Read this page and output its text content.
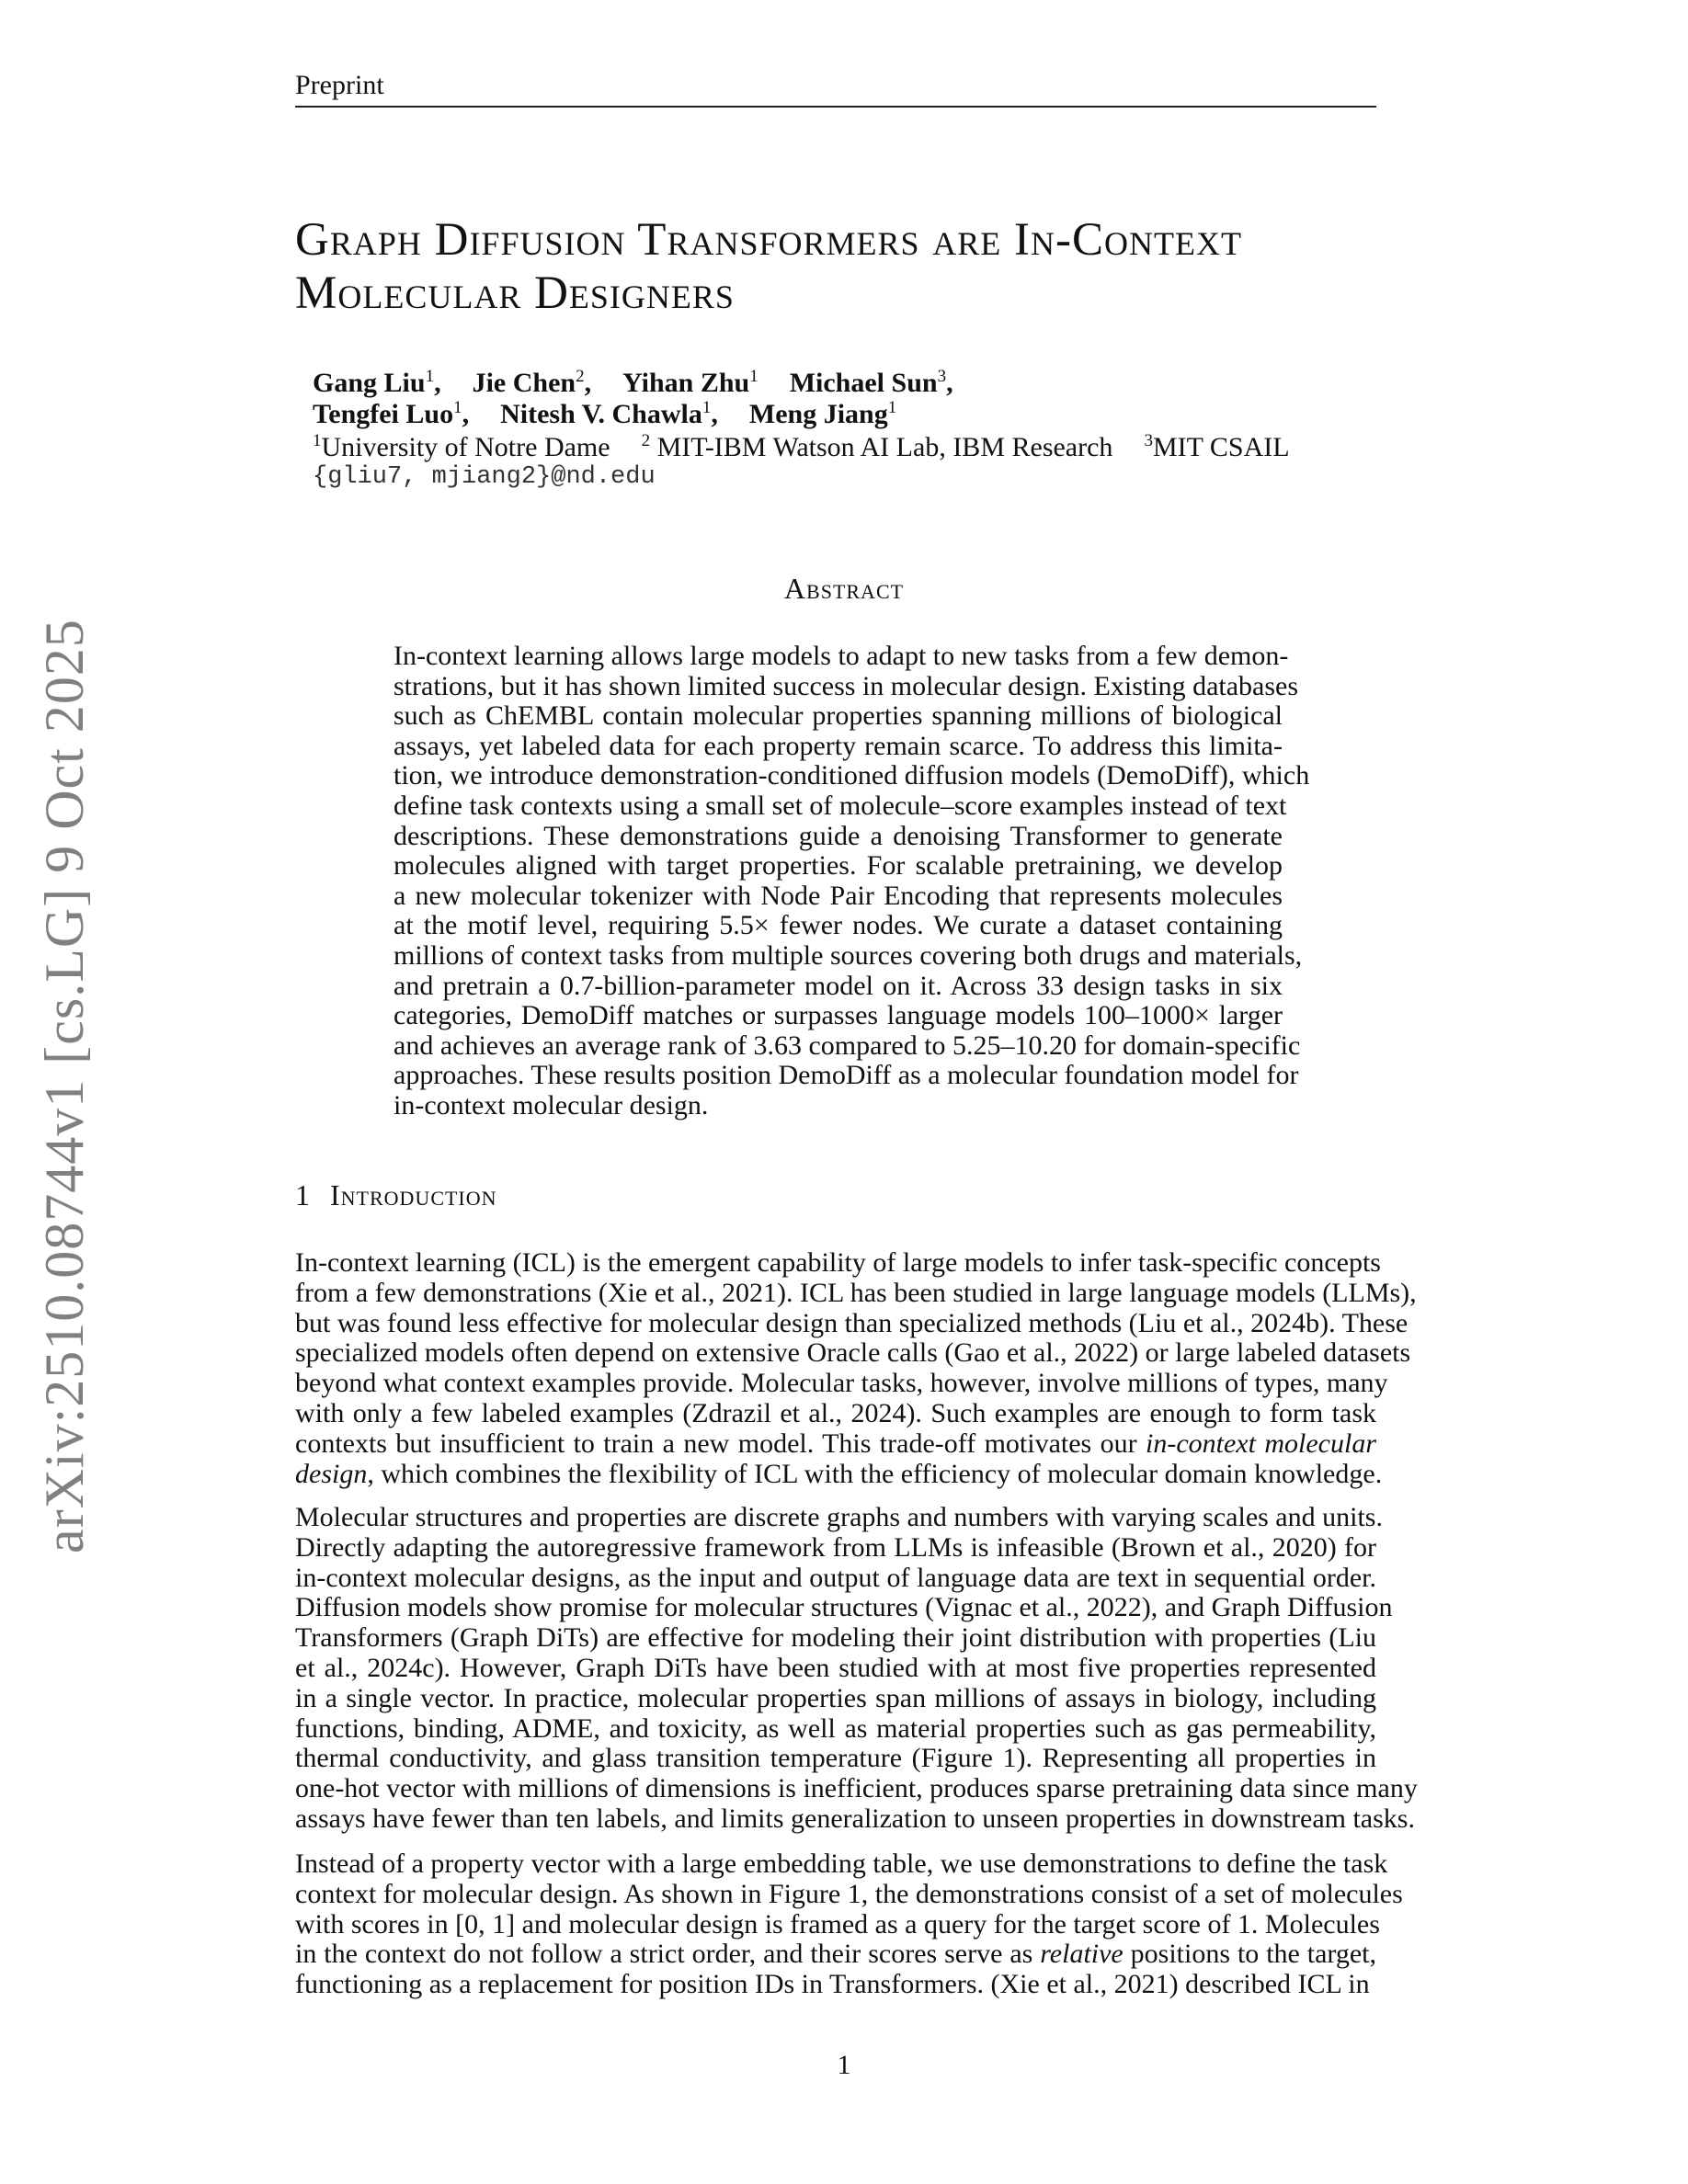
Preprint
Graph Diffusion Transformers are In-Context
Molecular Designers
Gang Liu$^1$, Jie Chen$^2$, Yihan Zhu$^1$ Michael Sun$^3$,
Tengfei Luo$^1$, Nitesh V. Chawla$^1$, Meng Jiang$^1$
$^1$University of Notre Dame $^2$ MIT-IBM Watson AI Lab, IBM Research $^3$MIT CSAIL
{gliu7, mjiang2}@nd.edu
Abstract
In-context learning allows large models to adapt to new tasks from a few demon-
strations, but it has shown limited success in molecular design. Existing databases
such as ChEMBL contain molecular properties spanning millions of biological
assays, yet labeled data for each property remain scarce. To address this limita-
tion, we introduce demonstration-conditioned diffusion models (DemoDiff), which
define task contexts using a small set of molecule–score examples instead of text
descriptions. These demonstrations guide a denoising Transformer to generate
molecules aligned with target properties. For scalable pretraining, we develop
a new molecular tokenizer with Node Pair Encoding that represents molecules
at the motif level, requiring 5.5× fewer nodes. We curate a dataset containing
millions of context tasks from multiple sources covering both drugs and materials,
and pretrain a 0.7-billion-parameter model on it. Across 33 design tasks in six
categories, DemoDiff matches or surpasses language models 100–1000× larger
and achieves an average rank of 3.63 compared to 5.25–10.20 for domain-specific
approaches. These results position DemoDiff as a molecular foundation model for
in-context molecular design.
1 Introduction
In-context learning (ICL) is the emergent capability of large models to infer task-specific concepts
from a few demonstrations (Xie et al., 2021). ICL has been studied in large language models (LLMs),
but was found less effective for molecular design than specialized methods (Liu et al., 2024b). These
specialized models often depend on extensive Oracle calls (Gao et al., 2022) or large labeled datasets
beyond what context examples provide. Molecular tasks, however, involve millions of types, many
with only a few labeled examples (Zdrazil et al., 2024). Such examples are enough to form task
contexts but insufficient to train a new model. This trade-off motivates our in-context molecular
design, which combines the flexibility of ICL with the efficiency of molecular domain knowledge.
Molecular structures and properties are discrete graphs and numbers with varying scales and units.
Directly adapting the autoregressive framework from LLMs is infeasible (Brown et al., 2020) for
in-context molecular designs, as the input and output of language data are text in sequential order.
Diffusion models show promise for molecular structures (Vignac et al., 2022), and Graph Diffusion
Transformers (Graph DiTs) are effective for modeling their joint distribution with properties (Liu
et al., 2024c). However, Graph DiTs have been studied with at most five properties represented
in a single vector. In practice, molecular properties span millions of assays in biology, including
functions, binding, ADME, and toxicity, as well as material properties such as gas permeability,
thermal conductivity, and glass transition temperature (Figure 1). Representing all properties in
one-hot vector with millions of dimensions is inefficient, produces sparse pretraining data since many
assays have fewer than ten labels, and limits generalization to unseen properties in downstream tasks.
Instead of a property vector with a large embedding table, we use demonstrations to define the task
context for molecular design. As shown in Figure 1, the demonstrations consist of a set of molecules
with scores in [0, 1] and molecular design is framed as a query for the target score of 1. Molecules
in the context do not follow a strict order, and their scores serve as relative positions to the target,
functioning as a replacement for position IDs in Transformers. (Xie et al., 2021) described ICL in
1
arXiv:2510.08744v1 [cs.LG] 9 Oct 2025
